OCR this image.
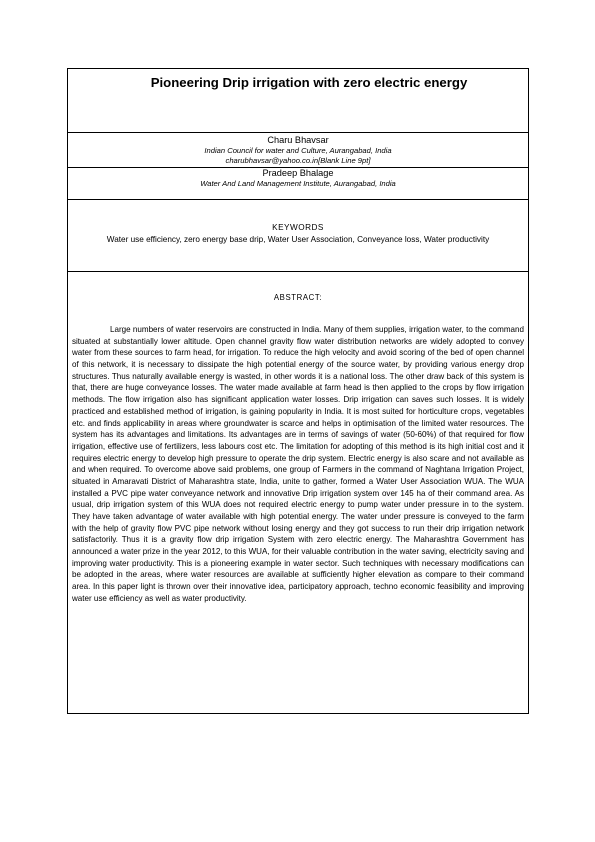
Pioneering Drip irrigation with zero electric energy
Charu Bhavsar
Indian Council for water and Culture, Aurangabad, India
charubhavsar@yahoo.co.in[Blank Line 9pt]
Pradeep Bhalage
Water And Land Management Institute, Aurangabad, India
KEYWORDS
Water use efficiency, zero energy base drip, Water User Association, Conveyance loss, Water productivity
ABSTRACT:

Large numbers of water reservoirs are constructed in India. Many of them supplies, irrigation water, to the command situated at substantially lower altitude. Open channel gravity flow water distribution networks are widely adopted to convey water from these sources to farm head, for irrigation. To reduce the high velocity and avoid scoring of the bed of open channel of this network, it is necessary to dissipate the high potential energy of the source water, by providing various energy drop structures. Thus naturally available energy is wasted, in other words it is a national loss. The other draw back of this system is that, there are huge conveyance losses. The water made available at farm head is then applied to the crops by flow irrigation methods. The flow irrigation also has significant application water losses. Drip irrigation can saves such losses. It is widely practiced and established method of irrigation, is gaining popularity in India. It is most suited for horticulture crops, vegetables etc. and finds applicability in areas where groundwater is scarce and helps in optimisation of the limited water resources. The system has its advantages and limitations. Its advantages are in terms of savings of water (50-60%) of that required for flow irrigation, effective use of fertilizers, less labours cost etc. The limitation for adopting of this method is its high initial cost and it requires electric energy to develop high pressure to operate the drip system. Electric energy is also scare and not available as and when required. To overcome above said problems, one group of Farmers in the command of Naghtana Irrigation Project, situated in Amaravati District of Maharashtra state, India, unite to gather, formed a Water User Association WUA. The WUA installed a PVC pipe water conveyance network and innovative Drip irrigation system over 145 ha of their command area. As usual, drip irrigation system of this WUA does not required electric energy to pump water under pressure in to the system. They have taken advantage of water available with high potential energy. The water under pressure is conveyed to the farm with the help of gravity flow PVC pipe network without losing energy and they got success to run their drip irrigation network satisfactorily. Thus it is a gravity flow drip irrigation System with zero electric energy. The Maharashtra Government has announced a water prize in the year 2012, to this WUA, for their valuable contribution in the water saving, electricity saving and improving water productivity. This is a pioneering example in water sector. Such techniques with necessary modifications can be adopted in the areas, where water resources are available at sufficiently higher elevation as compare to their command area. In this paper light is thrown over their innovative idea, participatory approach, techno economic feasibility and improving water use efficiency as well as water productivity.
